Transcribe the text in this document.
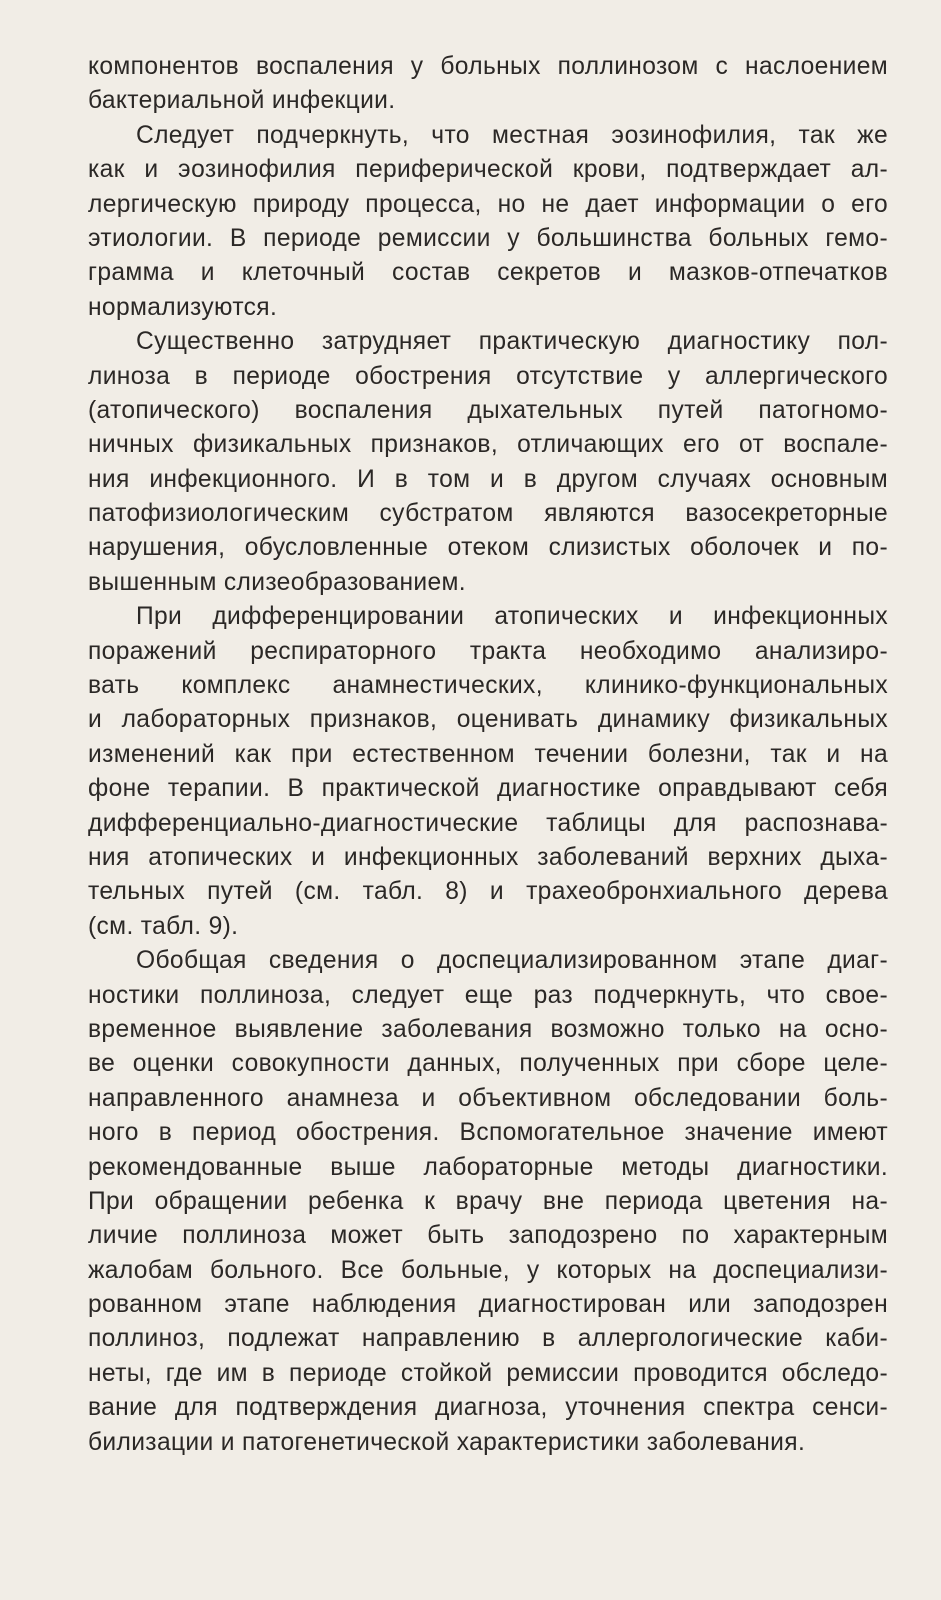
компонентов воспаления у больных поллинозом с наслоением
бактериальной инфекции.
Следует подчеркнуть, что местная эозинофилия, так же
как и эозинофилия периферической крови, подтверждает ал-
лергическую природу процесса, но не дает информации о его
этиологии. В периоде ремиссии у большинства больных гемо-
грамма и клеточный состав секретов и мазков-отпечатков
нормализуются.
Существенно затрудняет практическую диагностику пол-
линоза в периоде обострения отсутствие у аллергического
(атопического) воспаления дыхательных путей патогномо-
ничных физикальных признаков, отличающих его от воспале-
ния инфекционного. И в том и в другом случаях основным
патофизиологическим субстратом являются вазосекреторные
нарушения, обусловленные отеком слизистых оболочек и по-
вышенным слизеобразованием.
При дифференцировании атопических и инфекционных
поражений респираторного тракта необходимо анализиро-
вать комплекс анамнестических, клинико-функциональных
и лабораторных признаков, оценивать динамику физикальных
изменений как при естественном течении болезни, так и на
фоне терапии. В практической диагностике оправдывают себя
дифференциально-диагностические таблицы для распознава-
ния атопических и инфекционных заболеваний верхних дыха-
тельных путей (см. табл. 8) и трахеобронхиального дерева
(см. табл. 9).
Обобщая сведения о доспециализированном этапе диаг-
ностики поллиноза, следует еще раз подчеркнуть, что свое-
временное выявление заболевания возможно только на осно-
ве оценки совокупности данных, полученных при сборе целе-
направленного анамнеза и объективном обследовании боль-
ного в период обострения. Вспомогательное значение имеют
рекомендованные выше лабораторные методы диагностики.
При обращении ребенка к врачу вне периода цветения на-
личие поллиноза может быть заподозрено по характерным
жалобам больного. Все больные, у которых на доспециализи-
рованном этапе наблюдения диагностирован или заподозрен
поллиноз, подлежат направлению в аллергологические каби-
неты, где им в периоде стойкой ремиссии проводится обследо-
вание для подтверждения диагноза, уточнения спектра сенси-
билизации и патогенетической характеристики заболевания.
